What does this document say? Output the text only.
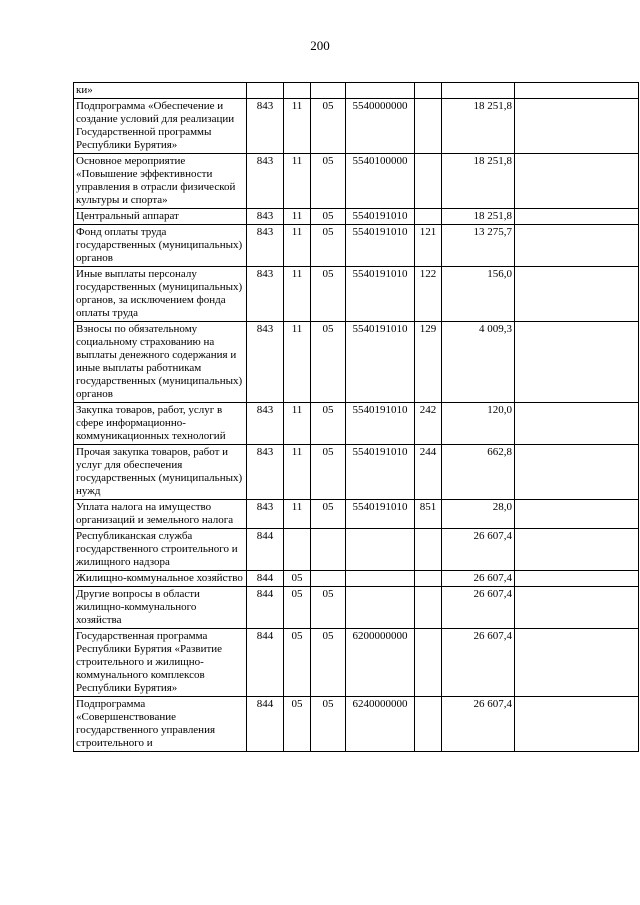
200
ки»							
Подпрограмма «Обеспечение и создание условий для реализации Государственной программы Республики Бурятия»	843	11	05	5540000000		18 251,8	
Основное мероприятие «Повышение эффективности управления в отрасли физической культуры и спорта»	843	11	05	5540100000		18 251,8	
Центральный аппарат	843	11	05	5540191010		18 251,8	
Фонд оплаты труда государственных (муниципальных) органов	843	11	05	5540191010	121	13 275,7	
Иные выплаты персоналу государственных (муниципальных) органов, за исключением фонда оплаты труда	843	11	05	5540191010	122	156,0	
Взносы по обязательному социальному страхованию на выплаты денежного содержания и иные выплаты работникам государственных (муниципальных) органов	843	11	05	5540191010	129	4 009,3	
Закупка товаров, работ, услуг в сфере информационно-коммуникационных технологий	843	11	05	5540191010	242	120,0	
Прочая закупка товаров, работ и услуг для обеспечения государственных (муниципальных) нужд	843	11	05	5540191010	244	662,8	
Уплата налога на имущество организаций и земельного налога	843	11	05	5540191010	851	28,0	
Республиканская служба государственного строительного и жилищного надзора	844					26 607,4	
Жилищно-коммунальное хозяйство	844	05				26 607,4	
Другие вопросы в области жилищно-коммунального хозяйства	844	05	05			26 607,4	
Государственная программа Республики Бурятия «Развитие строительного и жилищно-коммунального комплексов Республики Бурятия»	844	05	05	6200000000		26 607,4	
Подпрограмма «Совершенствование государственного управления строительного и	844	05	05	6240000000		26 607,4	
